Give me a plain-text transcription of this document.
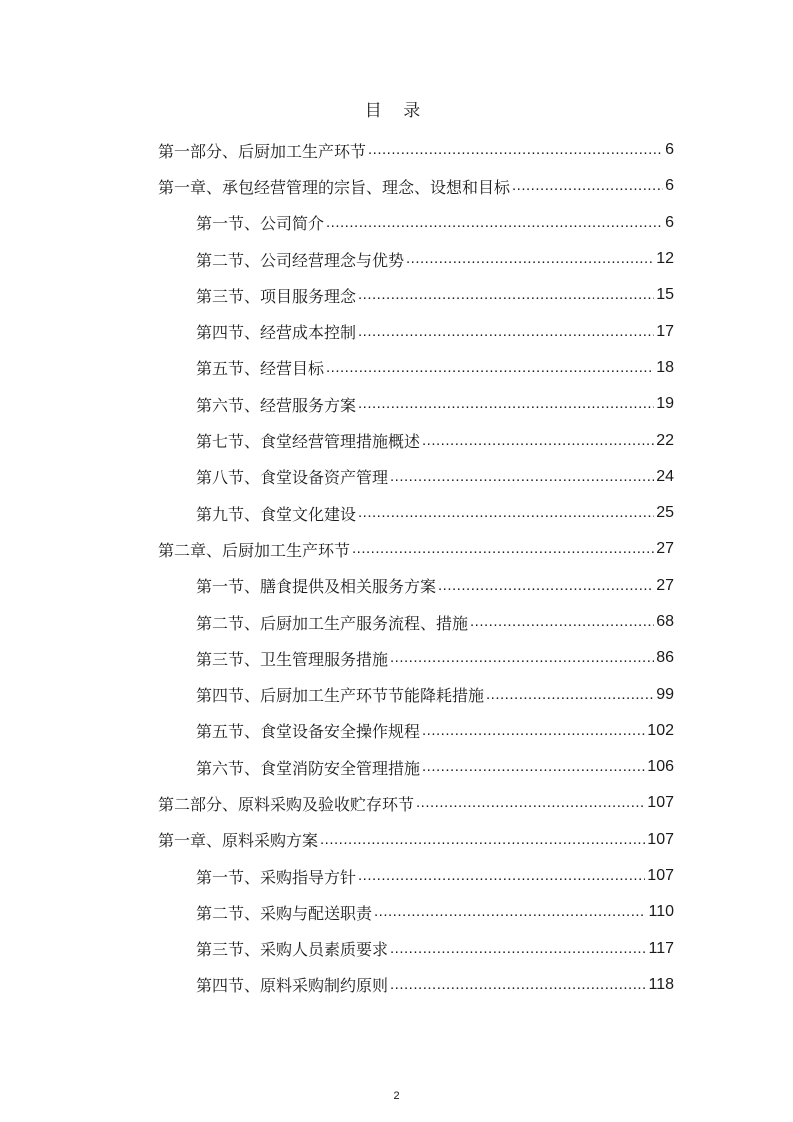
目 录
第一部分、后厨加工生产环节 .....	6
第一章、承包经营管理的宗旨、理念、设想和目标 .....	6
第一节、公司简介 .....	6
第二节、公司经营理念与优势 .....	12
第三节、项目服务理念 .....	15
第四节、经营成本控制 .....	17
第五节、经营目标 .....	18
第六节、经营服务方案 .....	19
第七节、食堂经营管理措施概述 .....	22
第八节、食堂设备资产管理 .....	24
第九节、食堂文化建设 .....	25
第二章、后厨加工生产环节 .....	27
第一节、膳食提供及相关服务方案 .....	27
第二节、后厨加工生产服务流程、措施 .....	68
第三节、卫生管理服务措施 .....	86
第四节、后厨加工生产环节节能降耗措施 .....	99
第五节、食堂设备安全操作规程 .....	102
第六节、食堂消防安全管理措施 .....	106
第二部分、原料采购及验收贮存环节 .....	107
第一章、原料采购方案 .....	107
第一节、采购指导方针 .....	107
第二节、采购与配送职责 .....	110
第三节、采购人员素质要求 .....	117
第四节、原料采购制约原则 .....	118
2
